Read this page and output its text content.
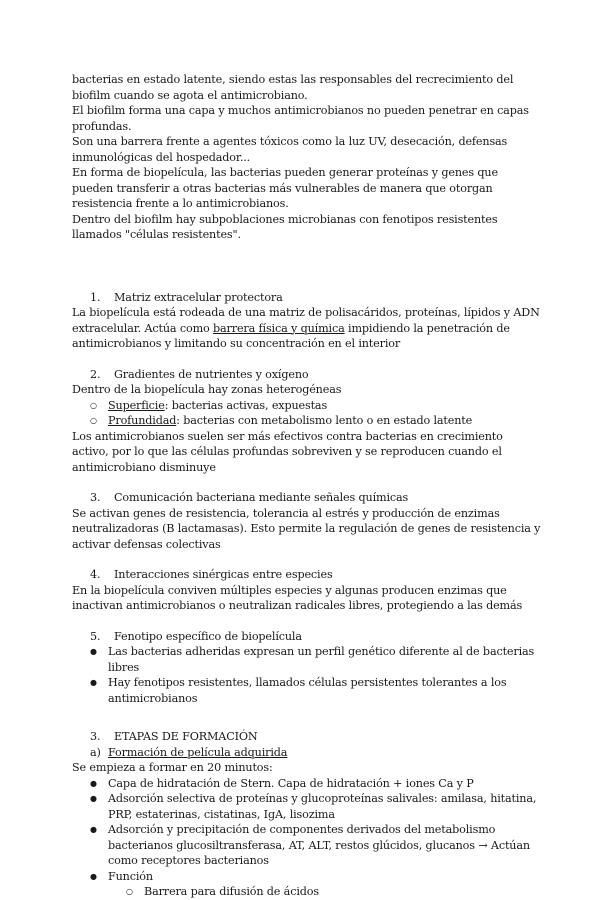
bacterias en estado latente, siendo estas las responsables del recrecimiento del biofilm cuando se agota el antimicrobiano.

El biofilm forma una capa y muchos antimicrobianos no pueden penetrar en capas profundas.

Son una barrera frente a agentes tóxicos como la luz UV, desecación, defensas inmunológicas del hospedador...

En forma de biopelícula, las bacterias pueden generar proteínas y genes que pueden transferir a otras bacterias más vulnerables de manera que otorgan resistencia frente a lo antimicrobianos.

Dentro del biofilm hay subpoblaciones microbianas con fenotipos resistentes llamados "células resistentes".

1. Matriz extracelular protectora

La biopelícula está rodeada de una matriz de polisacáridos, proteínas, lípidos y ADN extracelular. Actúa como barrera física y química impidiendo la penetración de antimicrobianos y limitando su concentración en el interior

2. Gradientes de nutrientes y oxígeno

Dentro de la biopelícula hay zonas heterogéneas

○ Superficie: bacterias activas, expuestas
○ Profundidad: bacterias con metabolismo lento o en estado latente

Los antimicrobianos suelen ser más efectivos contra bacterias en crecimiento activo, por lo que las células profundas sobreviven y se reproducen cuando el antimicrobiano disminuye

3. Comunicación bacteriana mediante señales químicas

Se activan genes de resistencia, tolerancia al estrés y producción de enzimas neutralizadoras (B lactamasas). Esto permite la regulación de genes de resistencia y activar defensas colectivas

4. Interacciones sinérgicas entre especies

En la biopelícula conviven múltiples especies y algunas producen enzimas que inactivan antimicrobianos o neutralizan radicales libres, protegiendo a las demás

5. Fenotipo específico de biopelícula

● Las bacterias adheridas expresan un perfil genético diferente al de bacterias libres
● Hay fenotipos resistentes, llamados células persistentes tolerantes a los antimicrobianos

3. ETAPAS DE FORMACIÓN

a) Formación de película adquirida

Se empieza a formar en 20 minutos:

● Capa de hidratación de Stern. Capa de hidratación + iones Ca y P
● Adsorción selectiva de proteínas y glucoproteínas salivales: amilasa, hitatina, PRP, estaterinas, cistatinas, IgA, lisozima
● Adsorción y precipitación de componentes derivados del metabolismo bacterianos glucosiltransferasa, AT, ALT, restos glúcidos, glucanos → Actúan como receptores bacterianos
● Función
○ Barrera para difusión de ácidos
